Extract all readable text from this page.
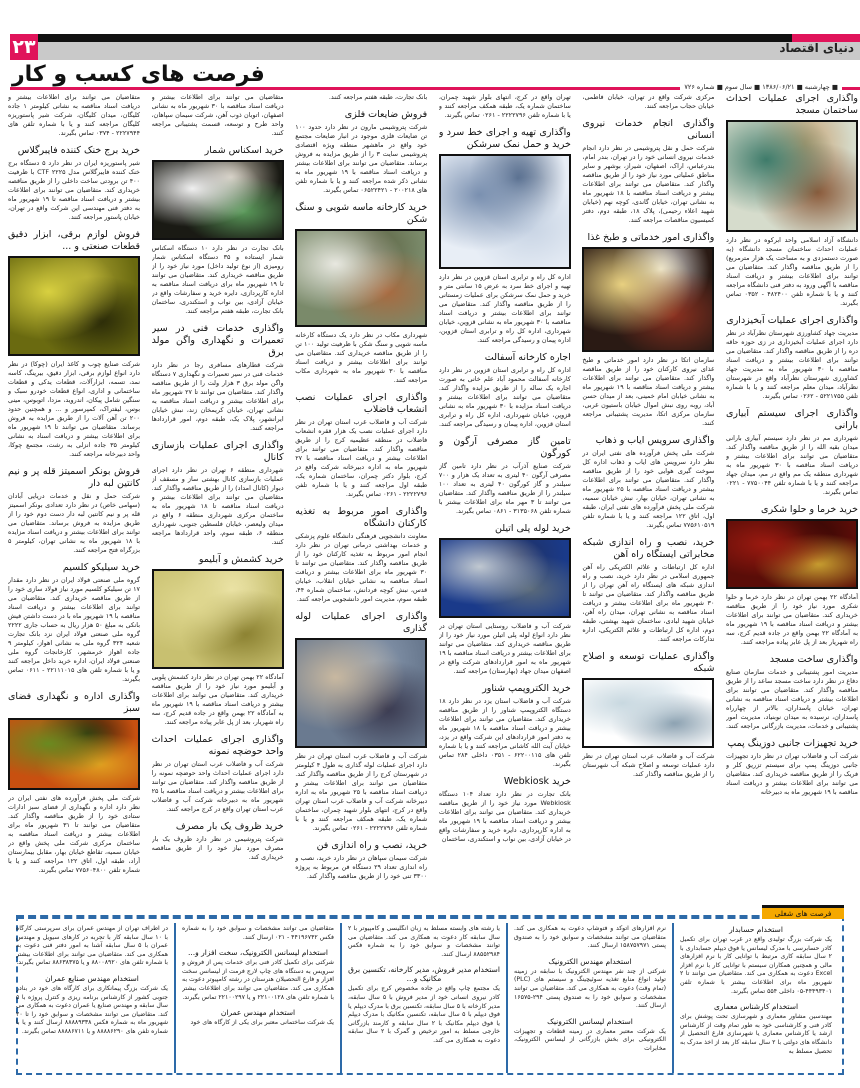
۲۳	دنیای اقتصاد
فرصت های کسب و کار	■ چهارشنبه ■ ۱۳۸۶/۰۶/۲۱ ■ سال سوم ■ شماره ۷۲۶
واگذاری اجرای عملیات احداث ساختمان مسجد

دانشگاه آزاد اسلامی واحد ابرکوه در نظر دارد عملیات احداث ساختمان مسجد دانشگاه (به صورت دستمزدی و به مساحت یک هزار مترمربع) را از طریق مناقصه واگذار کند. متقاضیان می توانند برای اطلاعات بیشتر و دریافت اسناد مناقصه با آگهی ورود به دفتر فنی دانشگاه مراجعه کنند و یا با شماره تلفن ۴۸۲۴۰۰ - ۰۳۵۲ تماس بگیرند.

واگذاری اجرای عملیات آبخیزداری

مدیریت جهاد کشاورزی شهرستان نظرآباد در نظر دارد اجرای عملیات آبخیزداری در زی حوزه حاقه دره را از طریق مناقصه واگذار کند. متقاضیان می توانند برای اطلاعات بیشتر و دریافت اسناد مناقصه با ۳۰ شهریور ماه به مدیریت جهاد کشاورزی شهرستان نظرآباد واقع در شهرستان نظرآباد، میدان معلم مراجعه کنند و یا با شماره تلفن ۵۲۲۱۷۵۵ - ۰۲۶۲ تماس بگیرند.

واگذاری اجرای سیستم آبیاری بارانی

شهرداری مم در نظر دارد سیستم آبیاری بارانی میدان بقیه الله را از طریق مناقصه واگذار کند. متقاضیان می توانند برای اطلاعات بیشتر و دریافت اسناد مناقصه با ۳۰ شهریور ماه به شهرداری منطقه یک مم واقع در مم، میدان جهاد مراجعه کنند و یا با شماره تلفن ۷۷۵۰۰۴۴ - ۰۲۲۱ تماس بگیرند.

خرید خرما و حلوا شکری

آمادگاه ۲۲ بهمن تهران در نظر دارد خرما و حلوا شکری مورد نیاز خود را از طریق مناقصه خریداری کند. متقاضیان می توانند برای اطلاعات بیشتر و دریافت اسناد مناقصه با ۱۹ شهریور ماه به آمادگاه ۲۲ بهمن واقع در جاده قدیم کرج، سه راه شهریار بعد از پل عابر پیاده مراجعه کنند.

واگذاری ساخت مسجد

مدیریت امور پشتیبانی و خدمات سازمان صنایع دفاع در نظر دارد ساخت مسجد ساعد را از طریق مناقصه واگذار کند. متقاضیان می توانند برای اطلاعات بیشتر و دریافت اسناد مناقصه به نشانی تهران، خیابان پاسداران، بالاتر از چهارراه پاسداران، نرسیده به میدان نوبنیاد، مدیریت امور پشتیبانی و خدمات، مدیریت بازرگانی مراجعه کنند.

خرید تجهیزات جانبی دوزینگ پمپ

شرکت آب و فاضلاب تهران در نظر دارد تجهیزات جانبی دوزینگ پمپ برای سیستم تزریق کلر و فریک را از طریق مناقصه خریداری کند. متقاضیان می توانند برای اطلاعات بیشتر و دریافت اسناد مناقصه با ۱۹ شهریور ماه به دبیرخانه

مرکزی شرکت واقع در تهران، خیابان فاطمی، خیابان حجاب مراجعه کنند.

واگذاری انجام خدمات نیروی انسانی

شرکت حمل و نقل پتروشیمی در نظر دارد انجام خدمات نیروی انسانی خود را در تهران، بندر امام، بندرعباس، اراک، اصفهان، شیراز، بوشهر و سایر مناطق عملیاتی مورد نیاز خود را از طریق مناقصه واگذار کند. متقاضیان می توانند برای اطلاعات بیشتر و دریافت اسناد مناقصه با ۱۸ شهریور ماه به نشانی تهران، خیابان گاندی، کوچه نهم (خیابان شهید اعلاء رحیمی)، پلاک ۱۸، طبقه دوم، دفتر کمیسیون مناقصات مراجعه کنند.

واگذاری امور خدماتی و طبخ غذا

سازمان اتکا در نظر دارد امور خدماتی و طبخ غذای نیروی کارکنان خود را از طریق مناقصه واگذار کند. متقاضیان می توانند برای اطلاعات بیشتر و دریافت اسناد مناقصه با ۱۹ شهریور ماه به نشانی خیابان امام خمینی، بعد از میدان حسن آباد، روبه روی نبش اموال خیابان باستیون غربی، سازمان مرکزی اتکا، مدیریت پشتیبانی مراجعه کنند.

واگذاری سرویس ایاب و ذهاب

شرکت ملی پخش فرآورده های نفتی ایران در نظر دارد سرویس های ایاب و ذهاب اداره کل سوخت گیری هوایی خود را از طریق مناقصه واگذار کند. متقاضیان می توانند برای اطلاعات بیشتر و دریافت اسناد مناقصه با ۲۵ شهریور ماه به نشانی تهران، خیابان بهار، نبش خیابان سمیه، شرکت ملی پخش فرآورده های نفتی ایران، طبقه اول، اتاق ۱۲۲ مراجعه کنند و یا با شماره تلفن ۷۷۵۶۱۰۵۱۹ تماس بگیرند.

خرید، نصب و راه اندازی شبکه مخابراتی ایستگاه راه آهن

اداره کل ارتباطات و علائم الکتریکی راه آهن جمهوری اسلامی در نظر دارد خرید، نصب و راه اندازی شبکه های ایستگاه راه آهن تهران را از طریق مناقصه واگذار کند. متقاضیان می توانند تا ۳۰ شهریور ماه برای اطلاعات بیشتر و دریافت اسناد مناقصه به نشانی تهران، میدان راه آهن، خیابان شهید لبادی، ساختمان شهید بهشتی، طبقه دوم، اداره کل ارتباطات و علائم الکتریکی، اداره تدارکات مراجعه کنند.

واگذاری عملیات توسعه و اصلاح شبکه

شرکت آب و فاضلاب عرب استان تهران در نظر دارد عملیات توسعه و اصلاح شبکه آب شهرستان را از طریق مناقصه واگذار کند.

تهران واقع در کرج، انتهای بلوار شهید چمران، ساختمان شماره یک، طبقه همکف مراجعه کنند و یا با شماره تلفن ۲۲۲۲۷۹۶ - ۰۲۶۱ تماس بگیرند.

واگذاری تهیه و اجرای خط سرد و خرید و حمل نمک سرشکن

اداره کل راه و ترابری استان قزوین در نظر دارد تهیه و اجرای خط سرد به عرض ۱۵ سانتی متر و خرید و حمل نمک سرشکن برای عملیات زمستانی را از طریق مناقصه واگذار کند. متقاضیان می توانند برای اطلاعات بیشتر و دریافت اسناد مناقصه با ۳۰ شهریور ماه به نشانی قزوین، خیابان شهرداری، اداره کل راه و ترابری استان قزوین، اداره پیمان و رسیدگی مراجعه کنند.

اجاره کارخانه آسفالت

اداره کل راه و ترابری استان قزوین در نظر دارد کارخانه آسفالت محمود آباد علم خانی به صورت اجاره یک ساله را از طریق مزایده واگذار کند. متقاضیان می توانند برای اطلاعات بیشتر و دریافت اسناد مزایده با ۳۰ شهریور ماه به نشانی قزوین، خیابان شهرداری، اداره کل راه و ترابری استان قزوین، اداره پیمان و رسیدگی مراجعه کنند.

تامین گاز مصرفی آرگون و کورگون

شرکت صنایع آذرآب در نظر دارد تامین گاز مصرفی آرگون ۴۰ لیتری به تعداد یک هزار و ۷۰۰ سیلندر و گاز کورگون ۴۰ لیتری به تعداد ۱۰۰ سیلندر را از طریق مناقصه واگذار کند. متقاضیان می توانند تا ۳ مهر ماه برای اطلاعات بیشتر با شماره تلفن ۳۱۳۵۰۶۸ - ۰۸۶۱ تماس بگیرند.

خرید لوله پلی اتیلن

شرکت آب و فاضلاب روستایی استان تهران در نظر دارد انواع لوله پلی اتیلن مورد نیاز خود را از طریق مناقصه خریداری کند. متقاضیان می توانند برای اطلاعات بیشتر و دریافت اسناد مناقصه با ۱۹ شهریور ماه به امور قراردادهای شرکت واقع در اصفهان میدان جهاد (بهارستان) مراجعه کنند.

خرید الکتروپمپ شناور

شرکت آب و فاضلاب استان یزد در نظر دارد ۱۸ دستگاه الکتروپمپ شناور را از طریق مناقصه خریداری کند. متقاضیان می توانند برای اطلاعات بیشتر و دریافت اسناد مناقصه با ۱۸ شهریور ماه به دفتر امور قراردادهای این شرکت واقع در یزد، خیابان آیت الله کاشانی مراجعه کنند و یا با شماره تلفن های ۶۲۲۰۰۱۱۵ - ۰۳۵۱ داخلی ۲۸۴ تماس بگیرند.

خرید Webkiosk

بانک تجارت در نظر دارد تعداد ۱۰۴ دستگاه Webkiosk مورد نیاز خود را از طریق مناقصه خریداری کند. متقاضیان می توانند برای اطلاعات بیشتر و دریافت اسناد مناقصه با ۱۹ شهریور ماه به اداره کارپردازی، دایره خرید و سفارشات واقع در خیابان آزادی، بین نواب و استکندری، ساختمان

بانک تجارت، طبقه هفتم مراجعه کنند.

فروش ضایعات فلزی

شرکت پتروشیمی مارون در نظر دارد حدود ۱۰۰ تن ضایعات فلزی موجود در انبار ضایعات مجتمع خود واقع در ماهشهر منطقه ویژه اقتصادی پتروشیمی سایت ۳ را از طریق مزایده به فروش برساند. متقاضیان می توانند برای اطلاعات بیشتر و دریافت اسناد مناقصه با ۱۹ شهریور ماه به نشانی ذکر شده مراجعه کنند و یا با شماره تلفن های ۲۰۰۲۱۸ - ۰۶۵۲۲۴۲۱ تماس بگیرند.

خرید کارخانه ماسه شویی و سنگ شکن

شهرداری مکاب در نظر دارد یک دستگاه کارخانه ماسه شویی و سنگ شکن با ظرفیت تولید ۱۰۰ تن را از طریق مناقصه خریداری کند. متقاضیان می توانند برای اطلاعات بیشتر و دریافت اسناد مناقصه با ۳۰ شهریور ماه به شهرداری مکاب مراجعه کنند.

واگذاری اجرای عملیات نصب انشعاب فاضلاب

شرکت آب و فاضلاب غرب استان تهران در نظر دارد اجرای عملیات نصب یک هزار فقره انشعاب فاضلاب در منطقه عظیمیه کرج را از طریق مناقصه واگذار کند. متقاضیان می توانند برای اطلاعات بیشتر و دریافت اسناد مناقصه با ۲۷ شهریور ماه به اداره دبیرخانه شرکت واقع در کرج، بلوار دکتر چمران، ساختمان شماره یک، طبقه اول مراجعه کنند و یا با شماره تلفن ۲۲۲۲۷۹۶ - ۰۲۶۱ تماس بگیرند.

واگذاری امور مربوط به تغذیه کارکنان دانشگاه

معاونت دانشجویی فرهنگی دانشگاه علوم پزشکی و خدمات بهداشتی درمانی تهران در نظر دارد انجام امور مربوط به تغذیه کارکنان خود را از طریق مناقصه واگذار کند. متقاضیان می توانند تا ۳۰ شهریور ماه برای اطلاعات بیشتر و دریافت اسناد مناقصه به نشانی خیابان انقلاب، خیابان قدس، نبش کوچه فردانش، ساختمان شماره ۴۴، طبقه سوم، مدیریت امور دانشجویی مراجعه کنند.

واگذاری اجرای عملیات لوله گذاری

شرکت آب و فاضلاب غرب استان تهران در نظر دارد اجرای عملیات لوله گذاری به طول ۴ کیلومتر در شهرستان کرج را از طریق مناقصه واگذار کند. متقاضیان می توانند برای اطلاعات بیشتر و دریافت اسناد مناقصه با ۲۵ شهریور ماه به اداره دبیرخانه شرکت آب و فاضلاب غرب استان تهران واقع در کرج، انتهای بلوار شهید چمران، ساختمان شماره یک، طبقه همکف مراجعه کنند و یا با شماره تلفن ۲۲۲۲۷۹۶ - ۰۲۶۱ تماس بگیرند.

خرید، نصب و راه اندازی فن

شرکت سیمان سپاهان در نظر دارد خرید، نصب و راه اندازی تعداد ۲۹ دستگاه فن مربوط به پروژه ۳۳۰۰ تنی خود را از طریق مناقصه واگذار کند.

متقاضیان می توانند برای اطلاعات بیشتر و دریافت اسناد مناقصه با ۳۰ شهریور ماه به نشانی اصفهان، اتوبان ذوب آهن، شرکت سیمان سپاهان، واحد طرح و توسعه، قسمت پشتیبانی مراجعه کنند.

خرید اسکناس شمار

بانک تجارت در نظر دارد ۱۰ دستگاه اسکناس شمار ایستاده و ۳۵ دستگاه اسکناس شمار رومیزی (از نوع تولید داخل) مورد نیاز خود را از طریق مناقصه خریداری کند. متقاضیان می توانند تا ۱۹ شهریور ماه برای دریافت اسناد مناقصه به اداره کارپردازی، دایره خرید و سفارشات واقع در خیابان آزادی، بین نواب و استکندری، ساختمان بانک تجارت، طبقه هفتم مراجعه کنند.

واگذاری خدمات فنی در سیر تعمیرات و نگهداری واگن مولد برق

شرکت قطارهای مسافری رجا در نظر دارد خدمات فنی در سیر تعمیرات و نگهداری ۷ دستگاه واگن مولد برق ۳ هزار ولت را از طریق مناقصه واگذار کند. متقاضیان می توانند تا ۲۷ شهریور ماه برای اطلاعات بیشتر و دریافت اسناد مناقصه به نشانی تهران، خیابان کریمخان زند، نبش خیابان ایرانشهر، پلاک یک، طبقه دوم، امور قراردادها مراجعه کنند.

واگذاری اجرای عملیات بازسازی کانال

شهرداری منطقه ۶ تهران در نظر دارد اجرای عملیات بازسازی کانال بهشتی ساز و مسقف از دیوار (کانال امداد) را از طریق مناقصه واگذار کند. متقاضیان می توانند برای اطلاعات بیشتر و دریافت اسناد مناقصه تا ۱۸ شهریور ماه به ساختمان مرکزی شهرداری منطقه ۶ واقع در میدان ولیعصر، خیابان فلسطین جنوبی، شهرداری منطقه ۶، طبقه سوم، واحد قراردادها مراجعه کنند.

خرید کشمش و آبلیمو

آمادگاه ۲۲ بهمن تهران در نظر دارد کشمش پلویی و آبلیمو مورد نیاز خود را از طریق مناقصه خریداری کند. متقاضیان می توانند برای اطلاعات بیشتر و دریافت اسناد مناقصه با ۱۹ شهریور ماه به آمادگاه ۲۲ بهمن واقع در جاده قدیم کرج، سه راه شهریار، بعد از پل عابر پیاده مراجعه کنند.

واگذاری اجرای عملیات احداث واحد حوضچه نمونه

شرکت آب و فاضلاب عرب استان تهران در نظر دارد اجرای عملیات احداث واحد حوضچه نمونه را از طریق مناقصه واگذار کند. متقاضیان می توانند برای اطلاعات بیشتر و دریافت اسناد مناقصه با ۲۵ شهریور ماه به دبیرخانه شرکت آب و فاضلاب عرب استان تهران واقع در کرج مراجعه کنند.

خرید ظروف یک بار مصرف

شرکت پتروشیمی در نظر دارد ظروف یک بار مصرف مورد نیاز خود را از طریق مناقصه خریداری کند.

متقاضیان می توانند برای اطلاعات بیشتر و دریافت اسناد مناقصه به نشانی کیلومتر ۱ جاده کلیگان، میدان کلیگان، شرکت شیر پاستوریزه کلیگان مراجعه کنند و یا با شماره تلفن های ۲۲۲۷۹۴۴ - ۰۳۷۴ تماس بگیرند.

خرید برج خنک کننده فایبرگلاس

شیر پاستوریزه ایران در نظر دارد ۵ دستگاه برج خنک کننده فایبرگلاس مدل ۲۲۲۵ CTF با ظرفیت ۴۰۰ تن برودتی ساخت داخلی را از طریق مناقصه خریداری کند. متقاضیان می توانند برای اطلاعات بیشتر و دریافت اسناد مناقصه تا ۱۹ شهریور ماه به دفتر فنی مهندسی این شرکت واقع در تهران، خیابان پاستور مراجعه کنند.

فروش لوازم برقی، ابزار دقیق قطعات صنعتی و ...

شرکت صنایع چوب و کاغذ ایران (چوکا) در نظر دارد انواع لوازم برقی، ابزار دقیق، بیرینگ، کاسه نمد، تسمه، ابزارآلات، قطعات یدکی و قطعات ساختمانی و اداری، انواع قطعات خودرو سبک و سنگین شامل پیکان، اندروید، مزدا، اتوبوس، مینی بوس، لیفتراک، کمپرسور و ... و همچنین حدود ۲۰۰ تن آهن آلات را از طریق مزایده به فروش برساند. متقاضیان می توانند تا ۱۹ شهریور ماه برای اطلاعات بیشتر و دریافت اسناد به نشانی کیلومتر ۳۵ جاده انزلی به رشت، مجتمع چوکا، واحد دبیرخانه مراجعه کنند.

فروش بونکر اسمیتز قله پر و نیم کانتین لبه دار

شرکت حمل و نقل و خدمات دریایی آبادان (سهامی خاص) در نظر دارد تعدادی بونکر اسمیتز قله پر و نیم کانتین لبه دار دست دوم خود را از طریق مزایده به فروش برساند. متقاضیان می توانند برای اطلاعات بیشتر و دریافت اسناد مزایده با ۱۸ شهریور ماه به نشانی تهران، کیلومتر ۵ بزرگراه فتح مراجعه کنند.

خرید سیلیکو کلسیم

گروه ملی صنعتی فولاد ایران در نظر دارد مقدار ۱۷ تن سیلیکو کلسیم مورد نیاز فولاد سازی خود را از طریق مناقصه خریداری کند. متقاضیان می توانند برای اطلاعات بیشتر و دریافت اسناد مناقصه با ۱۹ شهریور ماه با در دست داشتن فیش بانکی به مبلغ ۵۰ هزار ریال به حساب جاری ۲۲۲۲ گروه ملی صنعتی فولاد ایران نزد بانک تجارت شعبه ۳۲۴ گروه ملی به نشانی اهواز، کیلومتر ۹ جاده اهواز خرمشهر، کارخانجات گروه ملی صنعتی فولاد ایران، اداره خرید داخل مراجعه کنند و یا با شماره تلفن های ۲۲۱۱۱۰۱۵ - ۰۶۱۱ تماس بگیرند.

واگذاری اداره و نگهداری فضای سبز

شرکت ملی پخش فرآورده های نفتی ایران در نظر دارد اداره و نگهداری از فضای سبز ادارات ستادی خود را از طریق مناقصه واگذار کند. متقاضیان می توانند تا ۳۱ شهریور ماه برای اطلاعات بیشتر و دریافت اسناد مناقصه به ساختمان مرکزی شرکت ملی پخش واقع در خیابان سمیه، تقاطع خیابان بهار، مقابل بیمارستان آراد، طبقه اول، اتاق ۱۲۲ مراجعه کنند و یا با شماره تلفن ۷۷۵۶۰۴۸۰۰ تماس بگیرند.

استخدام حسابدار

یک شرکت بزرگ تولیدی واقع در غرب تهران برای تکمیل کادر حسابرسی با مدرک لیسانس یا فوق دیپلم حسابداری با ۲ سال سابقه کاری مرتبط با توانایی کار با نرم افزارهای مالی و همچنین همکاران سیستم با توانایی کار با نرم افزار Excel دعوت به همکاری می کند. متقاضیان می توانند تا ۲ شهریور ماه برای اطلاعات بیشتر با شماره تلفن ۴۴۴۹۳۴۰۱-۰۵ داخلی ۵۵۴ تماس بگیرند.

استخدام کارشناس معماری

مهندسین مشاور معماری و شهرسازی تحت پوشش برای کادر فنی و کارشناسی خود به طور تمام وقت از کارشناس ارشد یا کارشناس معماری یا شهرسازی فارغ التحصیل از دانشگاه های دولتی با ۲ سال سابقه کار بعد از اخذ مدرک به تحصیل مسلط به

نرم افزارهای اتوکد و فتوشاپ دعوت به همکاری می کند. متقاضیان می توانند مشخصات و سوابق خود را به صندوق پستی ۱۵۸۷۵۷۹۷۱ ارسال کنند.

استخدام مهندس الکترونیک

شرکتی از چند نفر مهندس الکترونیک با سابقه در زمینه تولید انواع منابع تغذیه سوئیچینگ و سیستم های (PLC) (تمام وقت) دعوت به همکاری می کند. متقاضیان می توانند مشخصات و سوابق خود را به صندوق پستی ۲۹۴-۱۶۵۷۵ ارسال کنند.

استخدام لیسانس الکترونیک

یک شرکت معتبر معماری در زمینه قطعات و تجهیزات الکترونیکی برای بخش بازرگانی از لیسانس الکترونیک، مخابرات

یا رشته های وابسته مسلط به زبان انگلیسی و کامپیوتر با ۲ سال سابقه کار دعوت به همکاری می کند. متقاضیان می توانند مشخصات و سوابق خود را به شماره فکس ۸۸۵۵۲۹۸۴ ارسال کنند.

استخدام مدیر فروش، مدیر کارخانه، تکنسین برق مکانیک و...

یک مجتمع چاپ واقع در جاده مخصوص کرج برای تکمیل کادر نیروی انسانی خود از مدیر فروش با ۵ سال سابقه، مدیر کارخانه با ۵ سال سابقه، تکنسین برق با مدرک دیپلم یا فوق دیپلم با ۵ سال سابقه، تکنسین مکانیک با مدرک دیپلم یا فوق دیپلم مکانیک با ۲ سال سابقه و کارمند بازرگانی خارجی مسلط به امور ترخیص و گمرک با ۲ سال سابقه دعوت به همکاری می کند.

متقاضیان می توانند مشخصات و سوابق خود را به شماره فکس ۴۴۱۹۶۷۴۲ - ۰۲۱ ارسال کنند.

استخدام لیسانس الکترونیک، سخت افزار و...

شرکتی برای تکمیل کادر فنی برای خدمات پس از فروش و سرویس به دستگاه های چاپ لارج فرمت از لیسانس سخت افزار و فارغ التحصیلان هنرستان در رشته کامپیوتر دعوت به همکاری می کند. متقاضیان می توانند برای اطلاعات بیشتر با شماره تلفن های ۲۲۱۰۰۱۲۸ و یا ۲۲۱۰۰۲۹۷ تماس بگیرند.

استخدام مهندس عمران

یک شرکت ساختمانی معتبر برای یکی از کارگاه های خود

در اطراف تهران از مهندس عمران برای سرپرستی کارگاه با ۱۰ سال سابقه کار با تجربه در کارهای سیویل و مهندس عمران با ۵ سال سابقه آشنا به امور دفتر فنی دعوت به همکاری می کند. متقاضیان می توانند برای اطلاعات بیشتر با شماره تلفن های ۸۸۰۰۸۹۲۰ و یا ۸۸۶۳۸۳۷۵ تماس بگیرند.

استخدام مهندس صنایع عمران

یک شرکت بزرگ پیمانکاری برای کارگاه های خود در بنادر جنوبی کشور از کارشناس برنامه ریزی و کنترل پروژه با ۵ سال سابقه و مهندس صنایع یا عمران دعوت به همکاری می کند. متقاضیان می توانند مشخصات و سوابق خود را تا ۲۰ شهریور ماه به شماره فکس ۸۸۸۸۹۳۳۸ ارسال کنند و یا با شماره تلفن های ۸۸۸۸۶۲۹۰ و یا ۸۸۸۸۶۷۱۱ تماس بگیرند.

فرصت های شغلی
